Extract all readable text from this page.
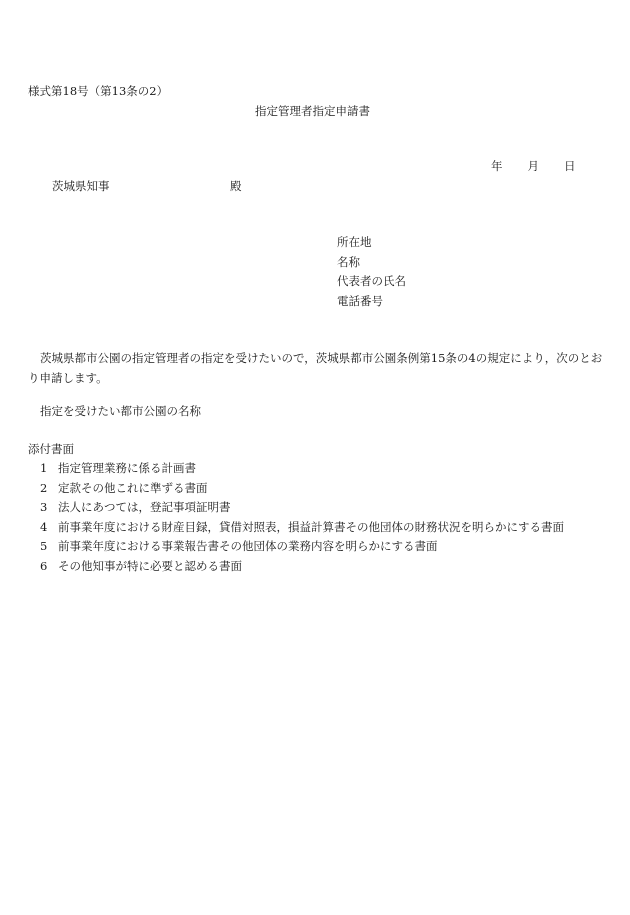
様式第18号（第13条の2）
指定管理者指定申請書
年 月 日
茨城県知事	殿
所在地
名称
代表者の氏名
電話番号
茨城県都市公園の指定管理者の指定を受けたいので，茨城県都市公園条例第15条の4の規定により，次のとおり申請します。
指定を受けたい都市公園の名称
添付書面
1 指定管理業務に係る計画書
2 定款その他これに準ずる書面
3 法人にあつては，登記事項証明書
4 前事業年度における財産目録，貸借対照表，損益計算書その他団体の財務状況を明らかにする書面
5 前事業年度における事業報告書その他団体の業務内容を明らかにする書面
6 その他知事が特に必要と認める書面
